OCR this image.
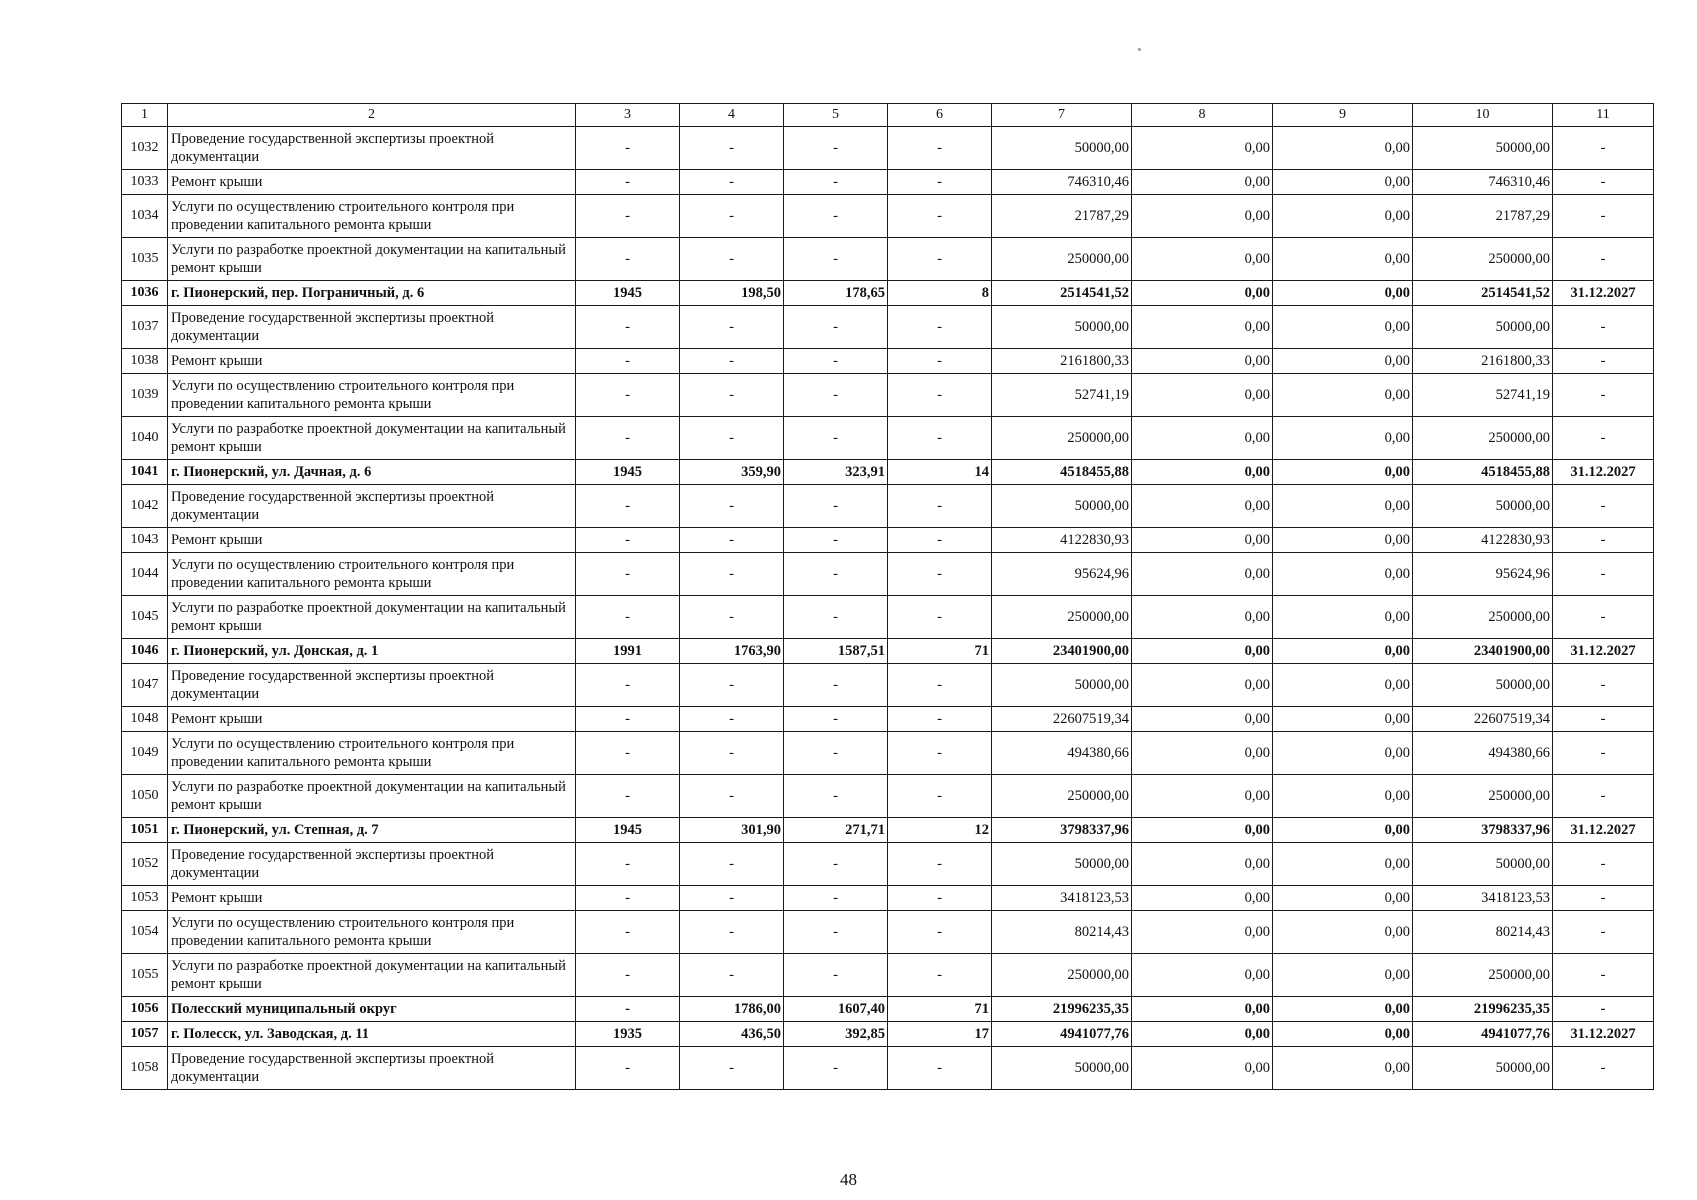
1	2	3	4	5	6	7	8	9	10	11
1032	Проведение государственной экспертизы проектной документации	-	-	-	-	50000,00	0,00	0,00	50000,00	-
1033	Ремонт крыши	-	-	-	-	746310,46	0,00	0,00	746310,46	-
1034	Услуги по осуществлению строительного контроля при проведении капитального ремонта крыши	-	-	-	-	21787,29	0,00	0,00	21787,29	-
1035	Услуги по разработке проектной документации на капитальный ремонт крыши	-	-	-	-	250000,00	0,00	0,00	250000,00	-
1036	г. Пионерский, пер. Пограничный, д. 6	1945	198,50	178,65	8	2514541,52	0,00	0,00	2514541,52	31.12.2027
1037	Проведение государственной экспертизы проектной документации	-	-	-	-	50000,00	0,00	0,00	50000,00	-
1038	Ремонт крыши	-	-	-	-	2161800,33	0,00	0,00	2161800,33	-
1039	Услуги по осуществлению строительного контроля при проведении капитального ремонта крыши	-	-	-	-	52741,19	0,00	0,00	52741,19	-
1040	Услуги по разработке проектной документации на капитальный ремонт крыши	-	-	-	-	250000,00	0,00	0,00	250000,00	-
1041	г. Пионерский, ул. Дачная, д. 6	1945	359,90	323,91	14	4518455,88	0,00	0,00	4518455,88	31.12.2027
1042	Проведение государственной экспертизы проектной документации	-	-	-	-	50000,00	0,00	0,00	50000,00	-
1043	Ремонт крыши	-	-	-	-	4122830,93	0,00	0,00	4122830,93	-
1044	Услуги по осуществлению строительного контроля при проведении капитального ремонта крыши	-	-	-	-	95624,96	0,00	0,00	95624,96	-
1045	Услуги по разработке проектной документации на капитальный ремонт крыши	-	-	-	-	250000,00	0,00	0,00	250000,00	-
1046	г. Пионерский, ул. Донская, д. 1	1991	1763,90	1587,51	71	23401900,00	0,00	0,00	23401900,00	31.12.2027
1047	Проведение государственной экспертизы проектной документации	-	-	-	-	50000,00	0,00	0,00	50000,00	-
1048	Ремонт крыши	-	-	-	-	22607519,34	0,00	0,00	22607519,34	-
1049	Услуги по осуществлению строительного контроля при проведении капитального ремонта крыши	-	-	-	-	494380,66	0,00	0,00	494380,66	-
1050	Услуги по разработке проектной документации на капитальный ремонт крыши	-	-	-	-	250000,00	0,00	0,00	250000,00	-
1051	г. Пионерский, ул. Степная, д. 7	1945	301,90	271,71	12	3798337,96	0,00	0,00	3798337,96	31.12.2027
1052	Проведение государственной экспертизы проектной документации	-	-	-	-	50000,00	0,00	0,00	50000,00	-
1053	Ремонт крыши	-	-	-	-	3418123,53	0,00	0,00	3418123,53	-
1054	Услуги по осуществлению строительного контроля при проведении капитального ремонта крыши	-	-	-	-	80214,43	0,00	0,00	80214,43	-
1055	Услуги по разработке проектной документации на капитальный ремонт крыши	-	-	-	-	250000,00	0,00	0,00	250000,00	-
1056	Полесский муниципальный округ	-	1786,00	1607,40	71	21996235,35	0,00	0,00	21996235,35	-
1057	г. Полесск, ул. Заводская, д. 11	1935	436,50	392,85	17	4941077,76	0,00	0,00	4941077,76	31.12.2027
1058	Проведение государственной экспертизы проектной документации	-	-	-	-	50000,00	0,00	0,00	50000,00	-
48
